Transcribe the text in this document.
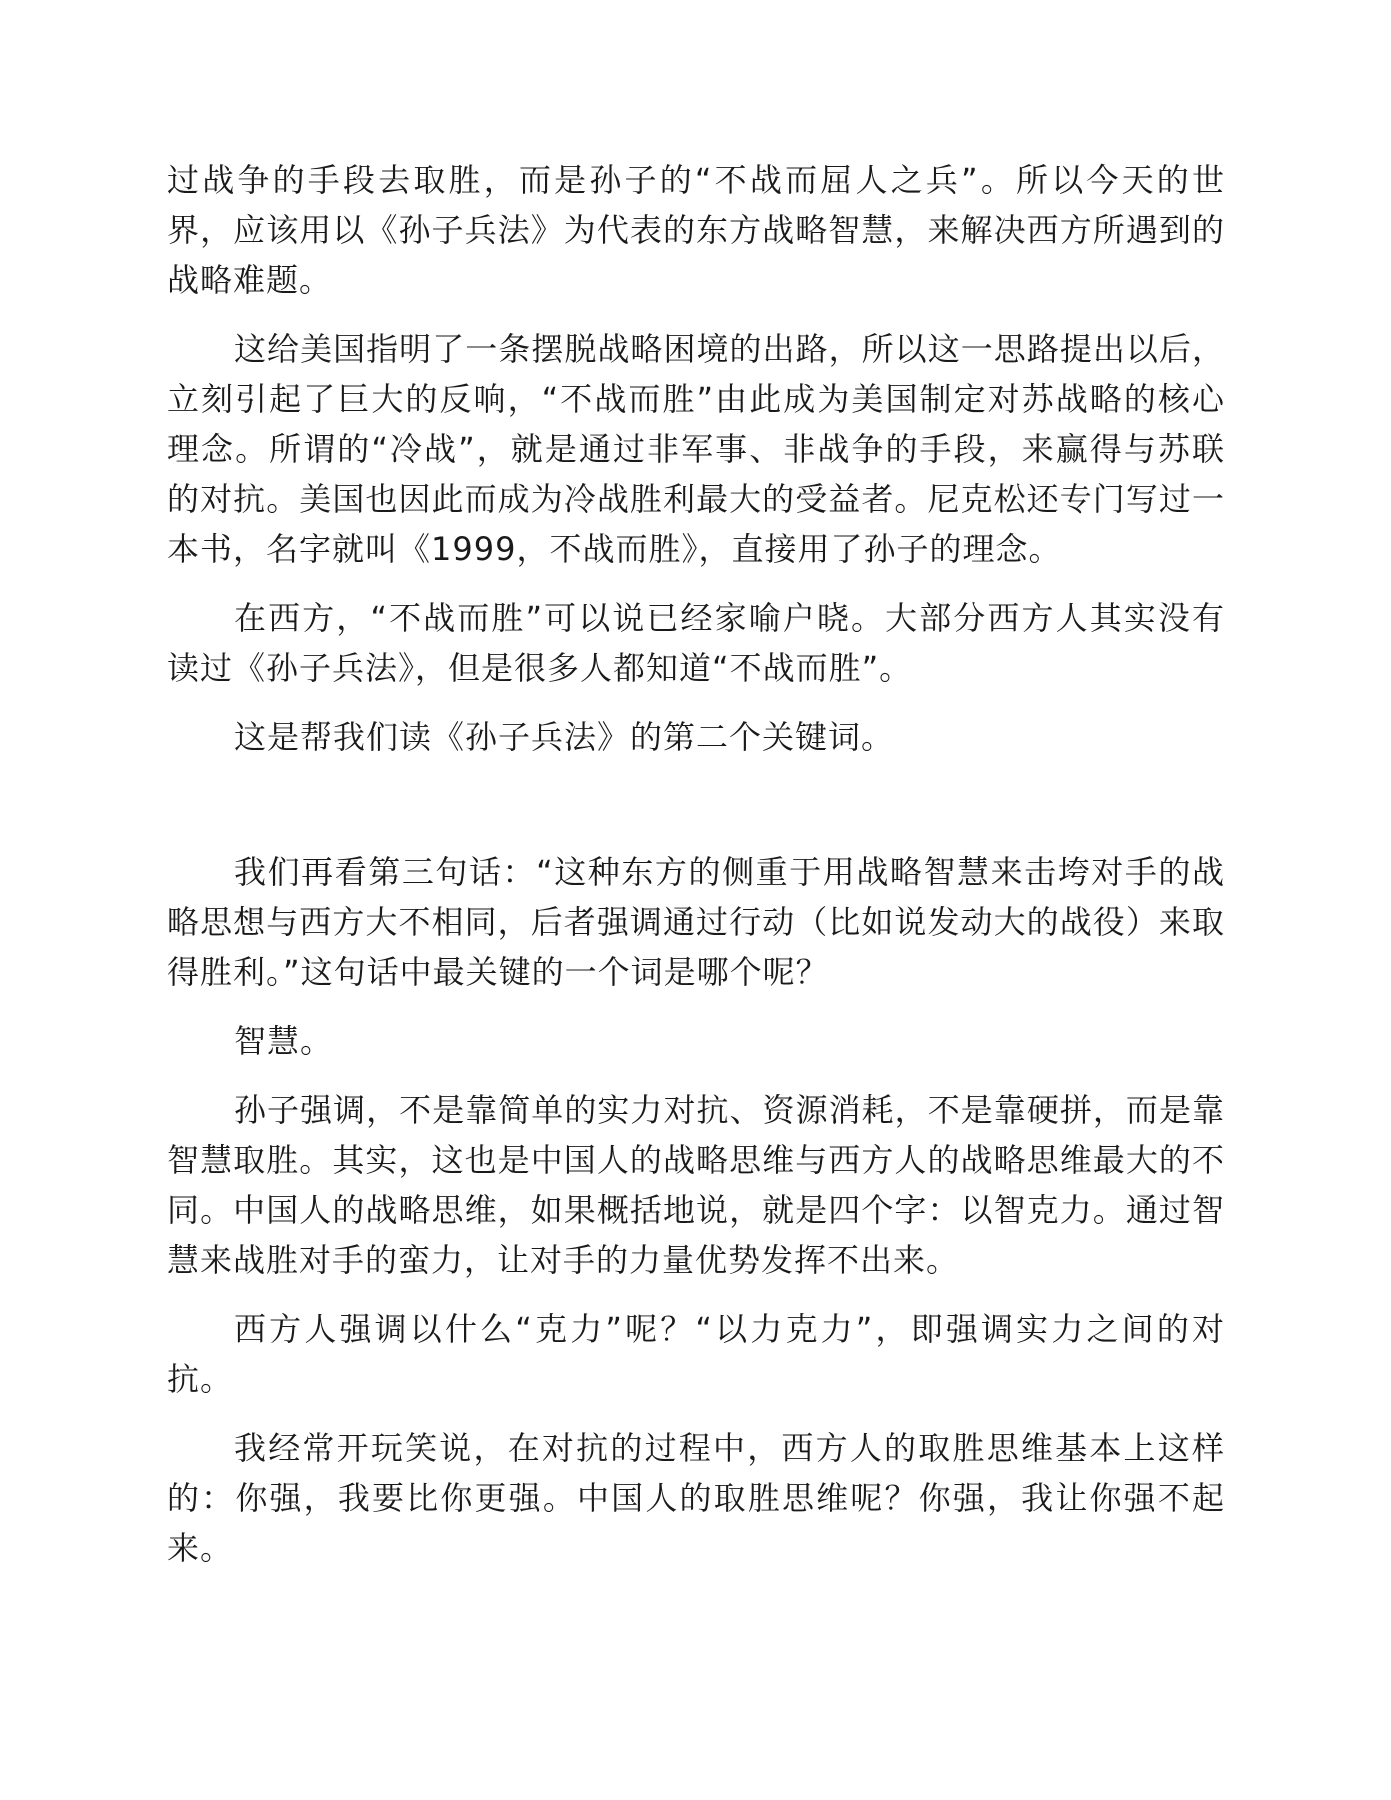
过战争的手段去取胜，而是孙子的“不战而屈人之兵”。所以今天的世界，应该用以《孙子兵法》为代表的东方战略智慧，来解决西方所遇到的战略难题。

这给美国指明了一条摆脱战略困境的出路，所以这一思路提出以后，立刻引起了巨大的反响，“不战而胜”由此成为美国制定对苏战略的核心理念。所谓的“冷战”，就是通过非军事、非战争的手段，来赢得与苏联的对抗。美国也因此而成为冷战胜利最大的受益者。尼克松还专门写过一本书，名字就叫《1999，不战而胜》，直接用了孙子的理念。

在西方，“不战而胜”可以说已经家喻户晓。大部分西方人其实没有读过《孙子兵法》，但是很多人都知道“不战而胜”。

这是帮我们读《孙子兵法》的第二个关键词。

我们再看第三句话：“这种东方的侧重于用战略智慧来击垮对手的战略思想与西方大不相同，后者强调通过行动（比如说发动大的战役）来取得胜利。”这句话中最关键的一个词是哪个呢？

智慧。

孙子强调，不是靠简单的实力对抗、资源消耗，不是靠硬拼，而是靠智慧取胜。其实，这也是中国人的战略思维与西方人的战略思维最大的不同。中国人的战略思维，如果概括地说，就是四个字：以智克力。通过智慧来战胜对手的蛮力，让对手的力量优势发挥不出来。

西方人强调以什么“克力”呢？“以力克力”，即强调实力之间的对抗。

我经常开玩笑说，在对抗的过程中，西方人的取胜思维基本上这样的：你强，我要比你更强。中国人的取胜思维呢？你强，我让你强不起来。
